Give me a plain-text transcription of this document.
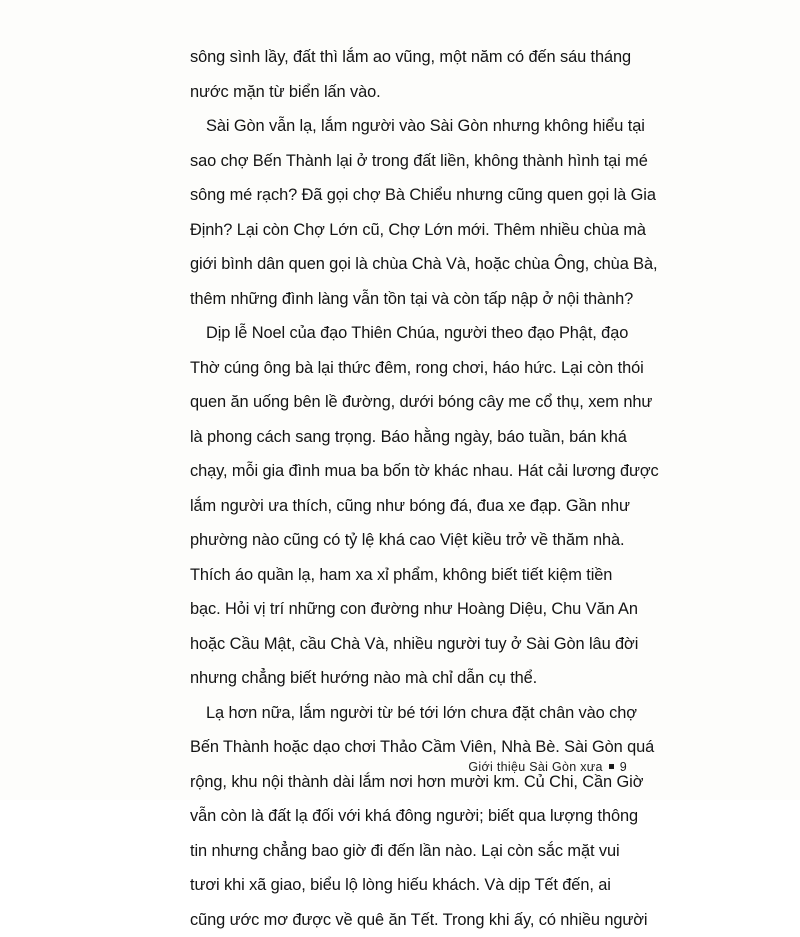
sông sình lầy, đất thì lắm ao vũng, một năm có đến sáu tháng
nước mặn từ biển lấn vào.
Sài Gòn vẫn lạ, lắm người vào Sài Gòn nhưng không hiểu tại
sao chợ Bến Thành lại ở trong đất liền, không thành hình tại mé
sông mé rạch? Đã gọi chợ Bà Chiểu nhưng cũng quen gọi là Gia
Định? Lại còn Chợ Lớn cũ, Chợ Lớn mới. Thêm nhiều chùa mà
giới bình dân quen gọi là chùa Chà Và, hoặc chùa Ông, chùa Bà,
thêm những đình làng vẫn tồn tại và còn tấp nập ở nội thành?
Dịp lễ Noel của đạo Thiên Chúa, người theo đạo Phật, đạo
Thờ cúng ông bà lại thức đêm, rong chơi, háo hức. Lại còn thói
quen ăn uống bên lề đường, dưới bóng cây me cổ thụ, xem như
là phong cách sang trọng. Báo hằng ngày, báo tuần, bán khá
chạy, mỗi gia đình mua ba bốn tờ khác nhau. Hát cải lương được
lắm người ưa thích, cũng như bóng đá, đua xe đạp. Gần như
phường nào cũng có tỷ lệ khá cao Việt kiều trở về thăm nhà.
Thích áo quần lạ, ham xa xỉ phẩm, không biết tiết kiệm tiền
bạc. Hỏi vị trí những con đường như Hoàng Diệu, Chu Văn An
hoặc Cầu Mật, cầu Chà Và, nhiều người tuy ở Sài Gòn lâu đời
nhưng chẳng biết hướng nào mà chỉ dẫn cụ thể.
Lạ hơn nữa, lắm người từ bé tới lớn chưa đặt chân vào chợ
Bến Thành hoặc dạo chơi Thảo Cầm Viên, Nhà Bè. Sài Gòn quá
rộng, khu nội thành dài lắm nơi hơn mười km. Củ Chi, Cần Giờ
vẫn còn là đất lạ đối với khá đông người; biết qua lượng thông
tin nhưng chẳng bao giờ đi đến lần nào. Lại còn sắc mặt vui
tươi khi xã giao, biểu lộ lòng hiếu khách. Và dịp Tết đến, ai
cũng ước mơ được về quê ăn Tết. Trong khi ấy, có nhiều người
Giới thiệu Sài Gòn xưa 9
